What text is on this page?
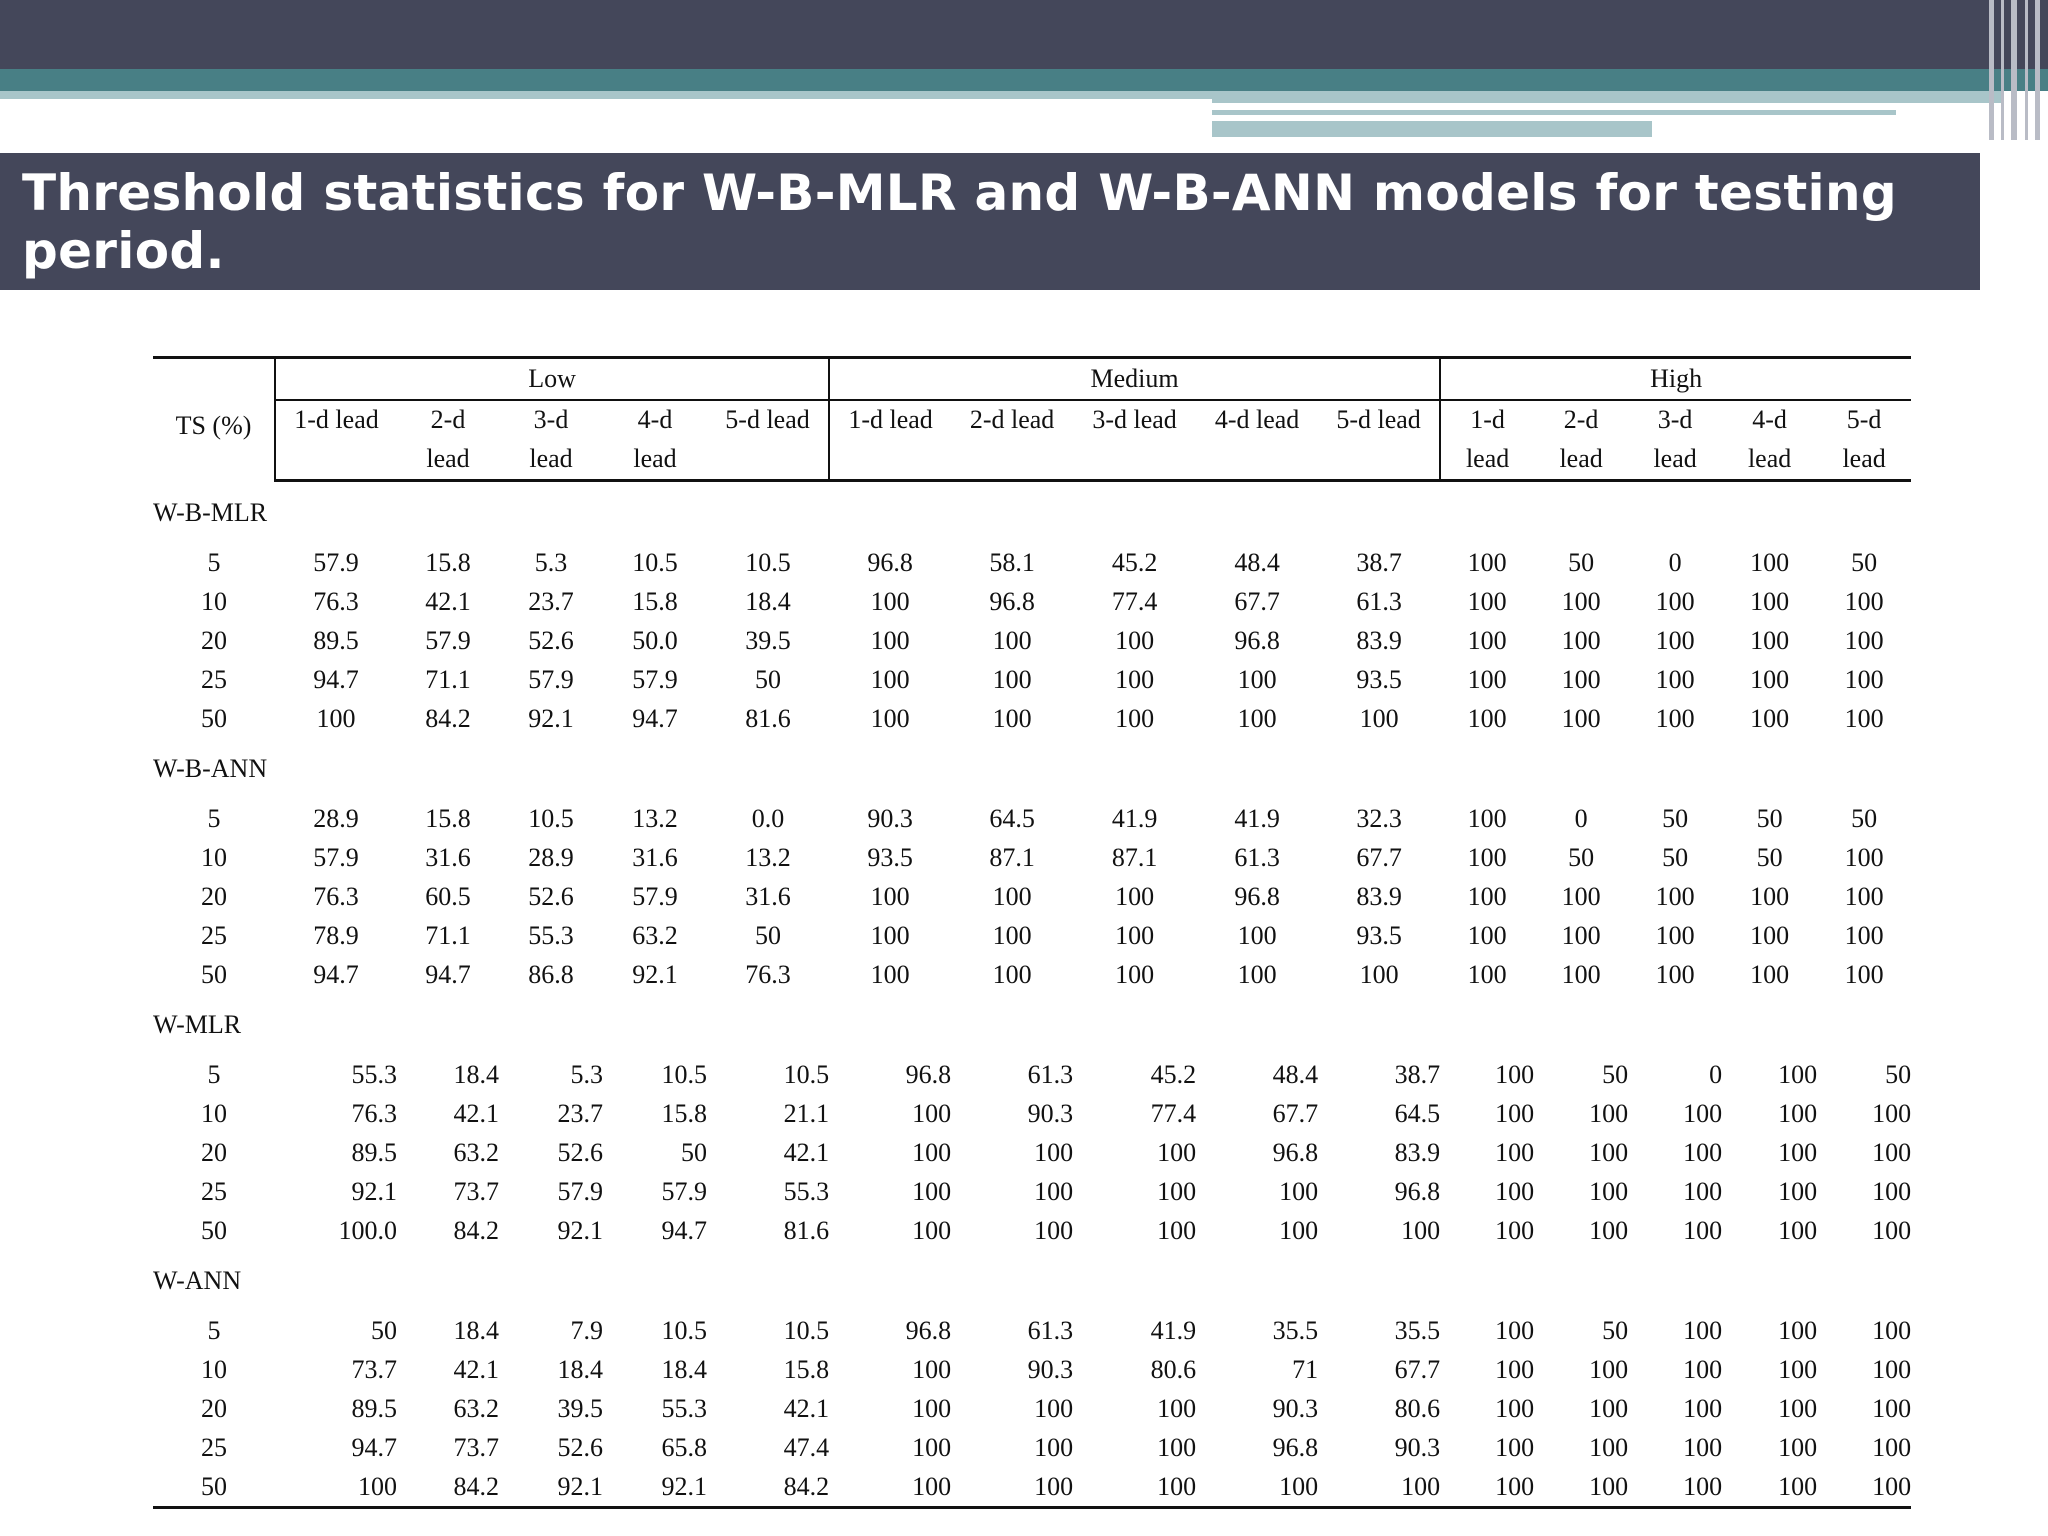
Threshold statistics for W-B-MLR and W-B-ANN models for testing period.
TS (%)	Low					Medium					High				
	1-d lead	2-d	3-d	4-d	5-d lead	1-d lead	2-d lead	3-d lead	4-d lead	5-d lead	1-d	2-d	3-d	4-d	5-d
		lead	lead	lead							lead	lead	lead	lead	lead
W-B-MLR															
5	57.9	15.8	5.3	10.5	10.5	96.8	58.1	45.2	48.4	38.7	100	50	0	100	50
10	76.3	42.1	23.7	15.8	18.4	100	96.8	77.4	67.7	61.3	100	100	100	100	100
20	89.5	57.9	52.6	50.0	39.5	100	100	100	96.8	83.9	100	100	100	100	100
25	94.7	71.1	57.9	57.9	50	100	100	100	100	93.5	100	100	100	100	100
50	100	84.2	92.1	94.7	81.6	100	100	100	100	100	100	100	100	100	100
W-B-ANN															
5	28.9	15.8	10.5	13.2	0.0	90.3	64.5	41.9	41.9	32.3	100	0	50	50	50
10	57.9	31.6	28.9	31.6	13.2	93.5	87.1	87.1	61.3	67.7	100	50	50	50	100
20	76.3	60.5	52.6	57.9	31.6	100	100	100	96.8	83.9	100	100	100	100	100
25	78.9	71.1	55.3	63.2	50	100	100	100	100	93.5	100	100	100	100	100
50	94.7	94.7	86.8	92.1	76.3	100	100	100	100	100	100	100	100	100	100
W-MLR															
5	55.3	18.4	5.3	10.5	10.5	96.8	61.3	45.2	48.4	38.7	100	50	0	100	50
10	76.3	42.1	23.7	15.8	21.1	100	90.3	77.4	67.7	64.5	100	100	100	100	100
20	89.5	63.2	52.6	50	42.1	100	100	100	96.8	83.9	100	100	100	100	100
25	92.1	73.7	57.9	57.9	55.3	100	100	100	100	96.8	100	100	100	100	100
50	100.0	84.2	92.1	94.7	81.6	100	100	100	100	100	100	100	100	100	100
W-ANN															
5	50	18.4	7.9	10.5	10.5	96.8	61.3	41.9	35.5	35.5	100	50	100	100	100
10	73.7	42.1	18.4	18.4	15.8	100	90.3	80.6	71	67.7	100	100	100	100	100
20	89.5	63.2	39.5	55.3	42.1	100	100	100	90.3	80.6	100	100	100	100	100
25	94.7	73.7	52.6	65.8	47.4	100	100	100	96.8	90.3	100	100	100	100	100
50	100	84.2	92.1	92.1	84.2	100	100	100	100	100	100	100	100	100	100
